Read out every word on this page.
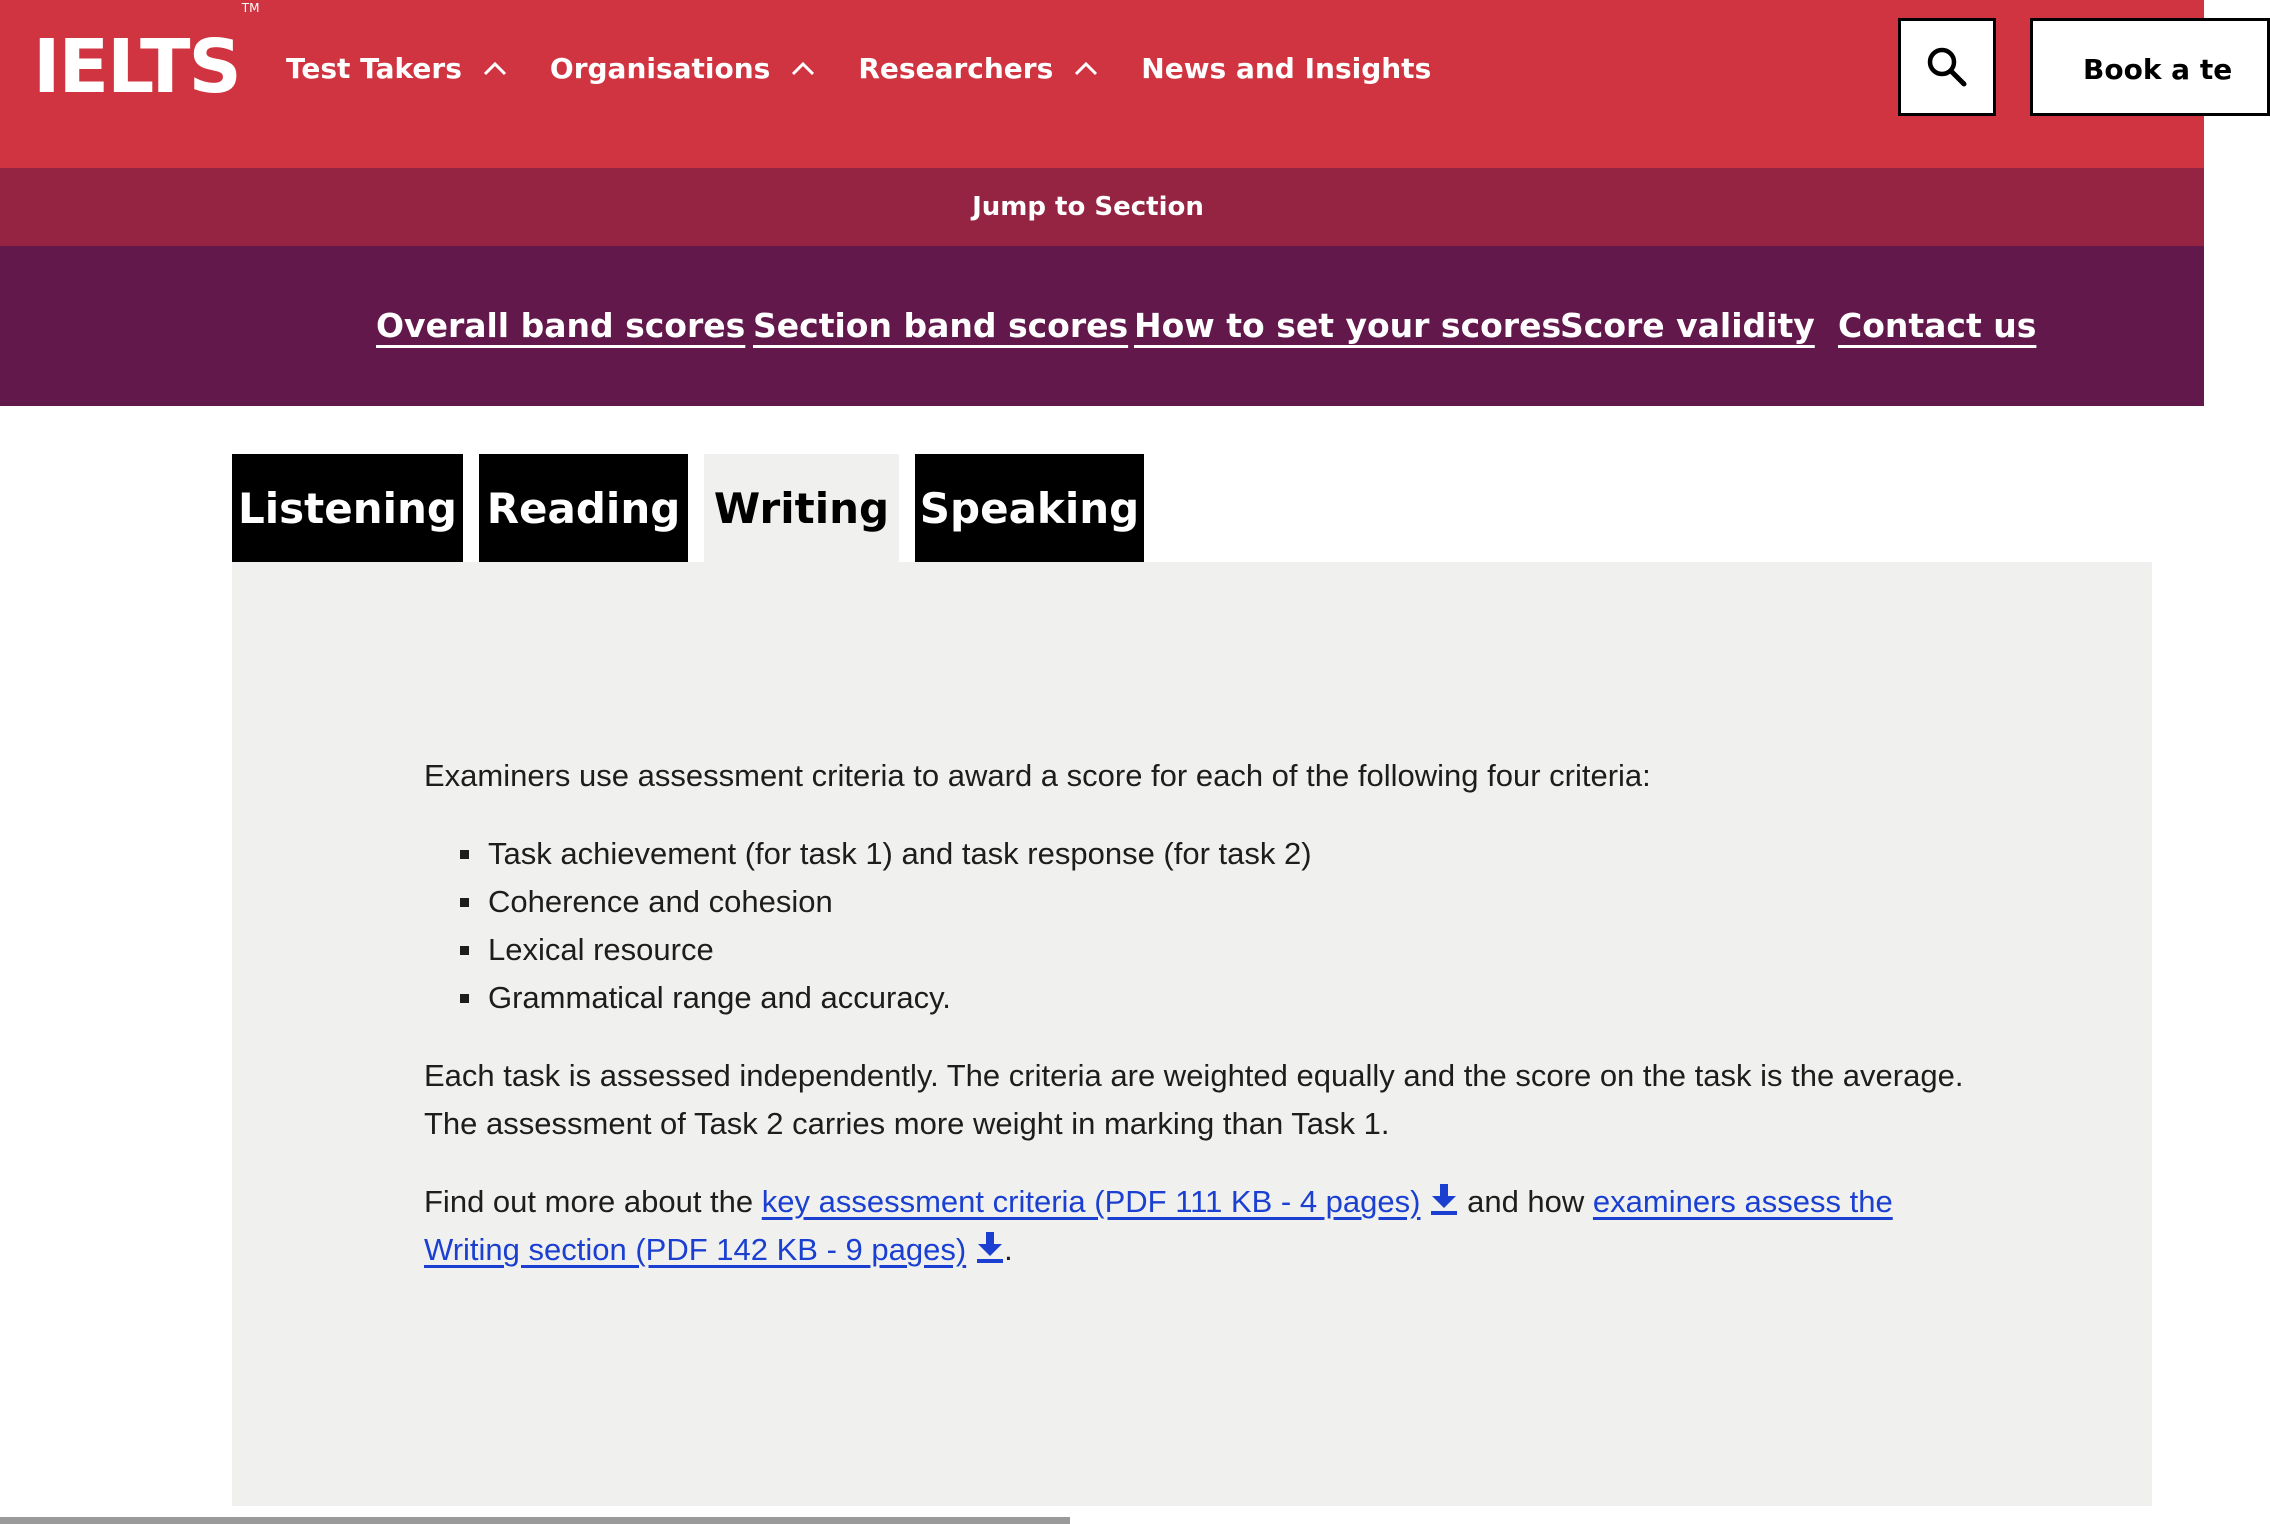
IELTS™
Test Takers	Organisations	Researchers	News and Insights	Book a te
Jump to Section
Overall band scores Section band scores How to set your scores
Score validity Contact us
Listening Reading Writing Speaking

Examiners use assessment criteria to award a score for each of the following four criteria:

Task achievement (for task 1) and task response (for task 2)
Coherence and cohesion
Lexical resource
Grammatical range and accuracy.

Each task is assessed independently. The criteria are weighted equally and the score on the task is the average. The assessment of Task 2 carries more weight in marking than Task 1.

Find out more about the key assessment criteria (PDF 111 KB - 4 pages) and how examiners assess the Writing section (PDF 142 KB - 9 pages) .
